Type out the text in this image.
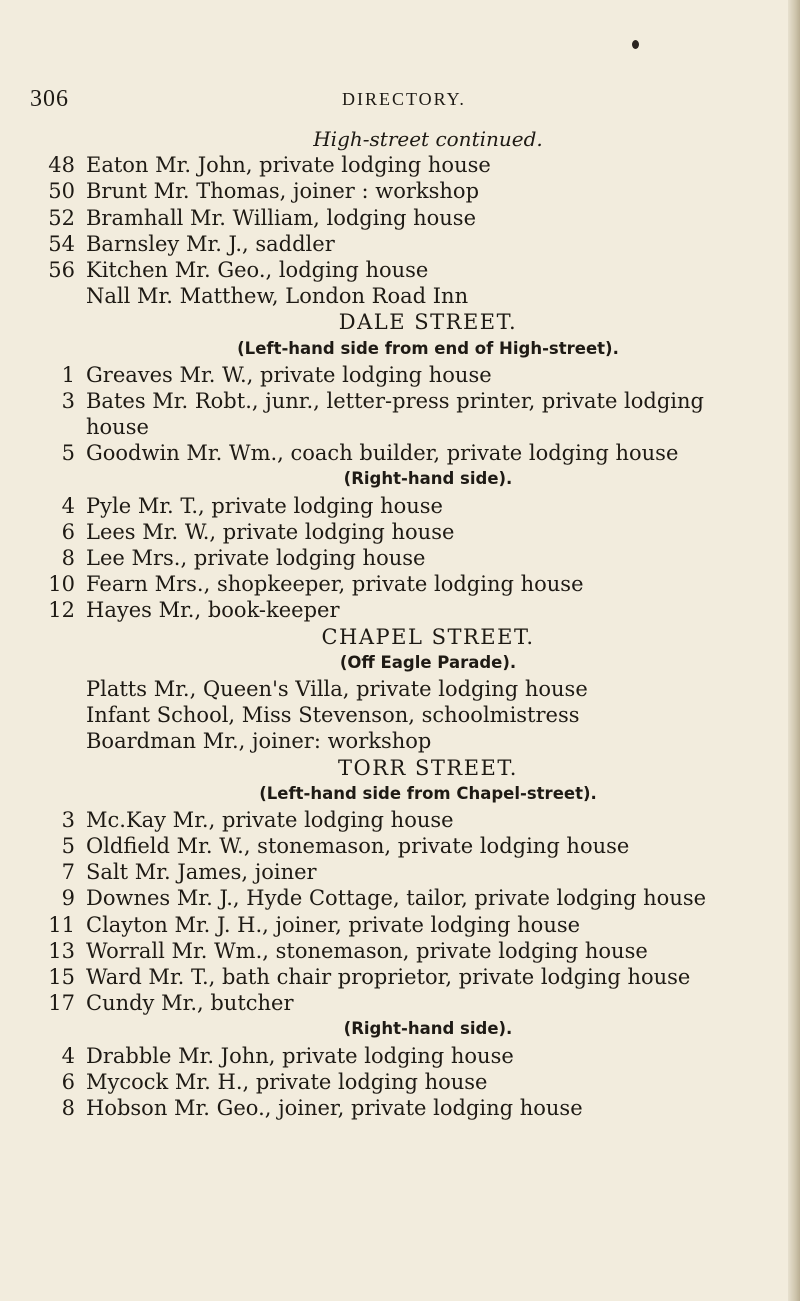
306	DIRECTORY.
High-street continued.
48 Eaton Mr. John, private lodging house
50 Brunt Mr. Thomas, joiner : workshop
52 Bramhall Mr. William, lodging house
54 Barnsley Mr. J., saddler
56 Kitchen Mr. Geo., lodging house
Nall Mr. Matthew, London Road Inn
DALE STREET.
(Left-hand side from end of High-street).
1 Greaves Mr. W., private lodging house
3 Bates Mr. Robt., junr., letter-press printer, private lodging
house
5 Goodwin Mr. Wm., coach builder, private lodging house
(Right-hand side).
4 Pyle Mr. T., private lodging house
6 Lees Mr. W., private lodging house
8 Lee Mrs., private lodging house
10 Fearn Mrs., shopkeeper, private lodging house
12 Hayes Mr., book-keeper
CHAPEL STREET.
(Off Eagle Parade).
Platts Mr., Queen's Villa, private lodging house
Infant School, Miss Stevenson, schoolmistress
Boardman Mr., joiner: workshop
TORR STREET.
(Left-hand side from Chapel-street).
3 Mc.Kay Mr., private lodging house
5 Oldfield Mr. W., stonemason, private lodging house
7 Salt Mr. James, joiner
9 Downes Mr. J., Hyde Cottage, tailor, private lodging house
11 Clayton Mr. J. H., joiner, private lodging house
13 Worrall Mr. Wm., stonemason, private lodging house
15 Ward Mr. T., bath chair proprietor, private lodging house
17 Cundy Mr., butcher
(Right-hand side).
4 Drabble Mr. John, private lodging house
6 Mycock Mr. H., private lodging house
8 Hobson Mr. Geo., joiner, private lodging house
